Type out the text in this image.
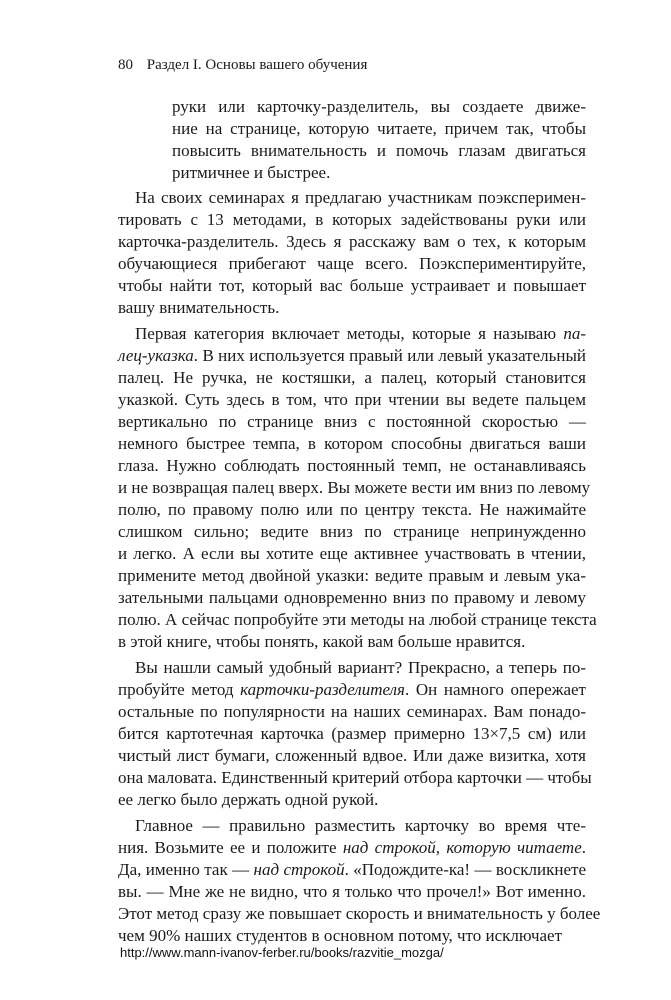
80 Раздел I. Основы вашего обучения
руки или карточку-разделитель, вы создаете движе-
ние на странице, которую читаете, причем так, чтобы
повысить внимательность и помочь глазам двигаться
ритмичнее и быстрее.
На своих семинарах я предлагаю участникам поэксперимен-
тировать с 13 методами, в которых задействованы руки или
карточка-разделитель. Здесь я расскажу вам о тех, к которым
обучающиеся прибегают чаще всего. Поэкспериментируйте,
чтобы найти тот, который вас больше устраивает и повышает
вашу внимательность.
Первая категория включает методы, которые я называю па-
лец-указка. В них используется правый или левый указательный
палец. Не ручка, не костяшки, а палец, который становится
указкой. Суть здесь в том, что при чтении вы ведете пальцем
вертикально по странице вниз с постоянной скоростью —
немного быстрее темпа, в котором способны двигаться ваши
глаза. Нужно соблюдать постоянный темп, не останавливаясь
и не возвращая палец вверх. Вы можете вести им вниз по левому
полю, по правому полю или по центру текста. Не нажимайте
слишком сильно; ведите вниз по странице непринужденно
и легко. А если вы хотите еще активнее участвовать в чтении,
примените метод двойной указки: ведите правым и левым ука-
зательными пальцами одновременно вниз по правому и левому
полю. А сейчас попробуйте эти методы на любой странице текста
в этой книге, чтобы понять, какой вам больше нравится.
Вы нашли самый удобный вариант? Прекрасно, а теперь по-
пробуйте метод карточки-разделителя. Он намного опережает
остальные по популярности на наших семинарах. Вам понадо-
бится картотечная карточка (размер примерно 13×7,5 см) или
чистый лист бумаги, сложенный вдвое. Или даже визитка, хотя
она маловата. Единственный критерий отбора карточки — чтобы
ее легко было держать одной рукой.
Главное — правильно разместить карточку во время чте-
ния. Возьмите ее и положите над строкой, которую читаете.
Да, именно так — над строкой. «Подождите-ка! — воскликнете
вы. — Мне же не видно, что я только что прочел!» Вот именно.
Этот метод сразу же повышает скорость и внимательность у более
чем 90% наших студентов в основном потому, что исключает
http://www.mann-ivanov-ferber.ru/books/razvitie_mozga/
